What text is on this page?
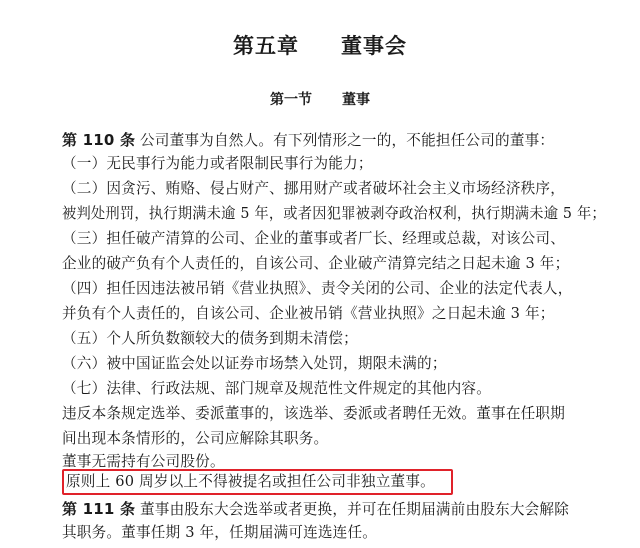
第五章 董事会
第一节 董事
第 110 条 公司董事为自然人。有下列情形之一的，不能担任公司的董事：
（一）无民事行为能力或者限制民事行为能力；
（二）因贪污、贿赂、侵占财产、挪用财产或者破坏社会主义市场经济秩序，
被判处刑罚，执行期满未逾 5 年，或者因犯罪被剥夺政治权利，执行期满未逾 5 年；
（三）担任破产清算的公司、企业的董事或者厂长、经理或总裁，对该公司、
企业的破产负有个人责任的，自该公司、企业破产清算完结之日起未逾 3 年；
（四）担任因违法被吊销《营业执照》、责令关闭的公司、企业的法定代表人，
并负有个人责任的，自该公司、企业被吊销《营业执照》之日起未逾 3 年；
（五）个人所负数额较大的债务到期未清偿；
（六）被中国证监会处以证券市场禁入处罚，期限未满的；
（七）法律、行政法规、部门规章及规范性文件规定的其他内容。
违反本条规定选举、委派董事的，该选举、委派或者聘任无效。董事在任职期
间出现本条情形的，公司应解除其职务。
董事无需持有公司股份。
原则上 60 周岁以上不得被提名或担任公司非独立董事。
第 111 条 董事由股东大会选举或者更换，并可在任期届满前由股东大会解除
其职务。董事任期 3 年，任期届满可连选连任。
